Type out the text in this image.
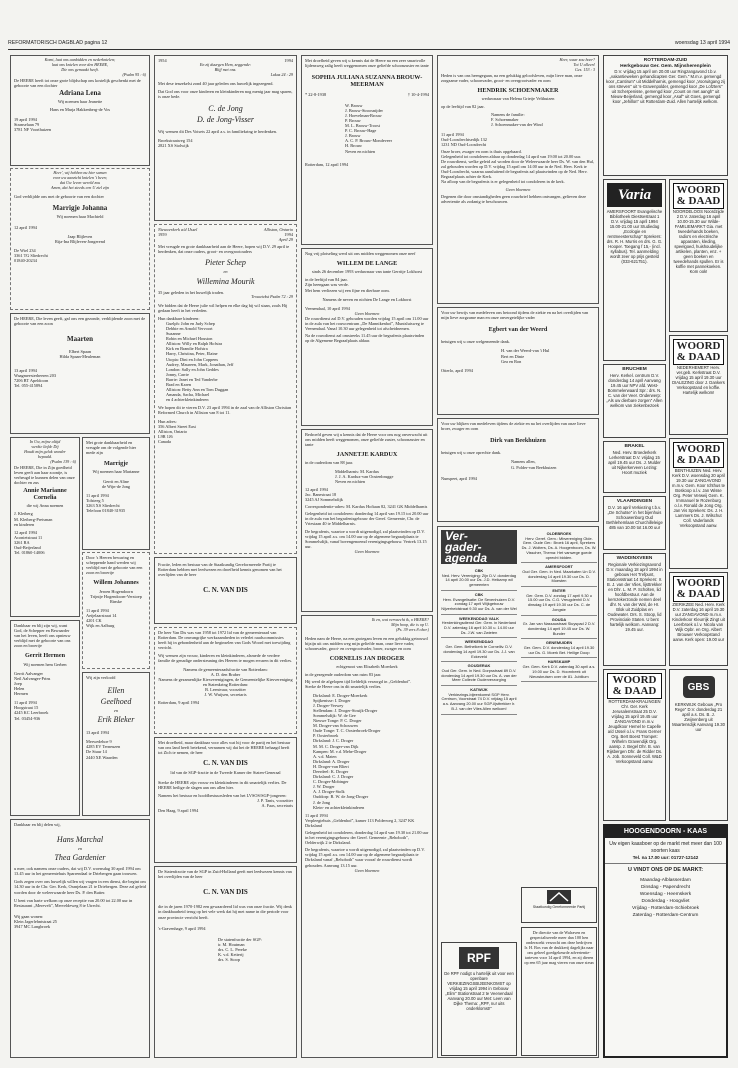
REFORMATORISCH DAGBLAD pagina 12	woensdag 13 april 1994
Komt, laat ons aanbidden en nederknielen;
laat ons knielen voor den HEERE,
Die ons gemaakt heeft.
(Psalm 95 : 6)
De HEERE heeft tot onze grote blijdschap ons kostelijk geschenkt met de geboorte van een dochter
Adriana Lena
Wij noemen haar Jeanette
Hans en Marja Hakkenberg-de Vos
19 april 1994
Stranselaan 79
3781 NF Voorthuizen
Heer', wij hebben nu hier samen
voor uw aanzicht knielen 't been;
dat Uw leven wereld zou
Amen, dat het steeds een U ziel zijn
God verblijdde ons met de geboorte van een dochter
Marrigje Johanna
Wij noemen haar Machteld
12 april 1994
Jaap Blijleven
Rija-Ina Blijleven-Jongerend
De Wiel 234
3361 TG Sliedrecht
01840-20234
De HEERE, Die leven geeft, gaf ons een gezonde, verblijdende zoon met de geboorte van een zoon
Maarten
Elbert Spaan
Hilda Spaan-Meuleman
13 april 1994
Waagmeesterheeren 203
7206 BT Apeldoorn
Tel. 055-415894
In Uw, mijne altijd
werkte liefde Dij
Houdt mijn geluk wonder
bepaald.
(Psalm 139 : 6)
De HEERE, Die in Zijn goedheid leven geeft aan haar zoontje, is verheugd te kunnen delen van onze dochter en zus
Annie Marianne Cornelia
die wij Anna noemen
J. Kleiberg
M. Kleiberg-Preisman
en kinderen
12 april 1994
Aconietstraat 11
3261 RA
Oud-Beijerland
Tel. 01860-14006
Met grote dankbaarheid en vreugde om de volgende hier mede zijn
Marrigje
Wij noemen haar Marianne
Gerrit en Aline
de Wijn-de Jong
11 april 1994
Tolsteeg 5
3263 XS Sliedrecht
Telefoon 01840-31935
Door 's Heeren bewaring en scheppende hand werden wij verblijd met de geboorte van een zoon en broertje
Willem Johannes
Jeroen Hogendoorn
Trijntje Hogendoorn-Verstoep
Rinske
11 april 1994
Aeijelaarstraat 14
4201 CK
Wijk en Aalburg
Dankbaar en blij zijn wij, want God, de Schepper en Bewaarder van het leven, heeft ons opnieuw verblijd met de geboorte van ons zoon en broertje
Gerrit Hermen
Wij noemen hem Gerben
Gerrit Aalvanger
Neil Aalvanger-Prins
Joep
Helen
Hermen
11 april 1994
Hoogstraat 15
4245 KC Leerbroek
Tel. 03454-936
Wij zijn verloofd
Ellen
Geelhoed
en
Erik Bleker
13 april 1994
Merwedehoe 9
4285 EV Terneuzen
De Stuur 14
2440 XE Waarden
Dankbaar en blij delen wij,
Hans Marchal
en
Thea Gardenier
u mee, ook namens onze ouders, dat wij D.V. woensdag 30 april 1994 om 13.45 uur in het gemeentehuis Sparrendaal te Driebergen gaan trouwen.
Gods zegen over ons huwelijk willen wij vragen in een dienst, die begint om 14.30 uur in de Chr. Ger. Kerk, Oranjelaan 21 te Driebergen. Deze zal geleid worden door de weleerwaarde heer Ds. P. den Butter.
U bent van harte welkom op onze receptie van 20.00 tot 22.00 uur in Restaurant „Merevelt", Merveldeweg 8 te Utrecht.
Wij gaan wonen:
Klein Jagerlehntstraat 25
3947 MC Langbroek
1954	1994
En zij duurgen Hem, zeggende:
Blijf met ons.
Lukas 24 : 29
Met dese tenzekelst zond 40 jaar geleden ons huwelijk ingezegend.
Dat God ons voor onze kinderen en kleinkinderen nog menig jaar mag sparen, is onze bede.
C. de Jong
D. de Jong-Visser
Wij wensen dit Des Voisets 22 april a.s. in familiekring te herdenken.
Broekstraatweg 154
2821 XS Stolwijk
Nieuwerkerk a/d IJssel	Alliston, Ontario
1959	1994
April 29
Met vreugde en grote dankbaarheid aan de Heere, hopen wij D.V. 29 april te herdenken, dat onze ouders, groot- en overgrootouders
Pieter Schep
en
Willemina Mourik
35 jaar geleden in het huwelijk traden.
Trouwtekst Psalm 72 : 29
We bidden dat de Heere julie wil helpen en elke dag bij wil staan, zoals Hij gedaan heeft in het verleden.
Hun dankbare kinderen:
Guelph: John en Judy Schep
Debbie en Arnold Vervoort
Suzanne
Robin en Michael Houston
Alliston: Willy en Ralph Hofstra
Kirk en Brandie Hofstra
Harry, Christina, Peter, Elaine
Utopia: Dini en John Coppens
Audrey, Maureen, Mark, Jonathan, Jeff
London: Sally en John Geddes
Jonny, Carrie
Barrie: Janet en Ted Vanderbe
Brad en Karen
Alliston: Betty Ann en Tom Duggan
Amanda, Sacha, Michael
en 4 achterkleinkinderen
We hopen dit te vieren D.V. 23 april 1994 in de zaal van de Alliston Christian Reformed Church in Alliston van 8 tot 11.
Hun adres:
356 Albert Street East
Alliston, Ontario
L9R 1J6
Canada
Fractie, leden en bestuur van de Staatkundig Gereformeerde Partij te Rotterdam hebben met leedwezen en droefheid kennis genomen van het overlijden van de heer
C. N. VAN DIS
De heer Van Dis was van 1958 tot 1972 lid van de gemeenteraad van Rotterdam. De omvangrijke werkzaamheden in velerlei raadscommissies heeft hij in gebondenheid aan de beginselen van Gods Woord met toewijding verricht.
Wij wensen zijn vrouw, kinderen en kleinkinderen, alsmede de verdere familie de genadige ondersteuning des Heeren te mogen ervaren in dit verlies.
Namens de gemeenteraadsfractie van Rotterdam:
A. D. den Braber
Namens de gezamenlijke Kiesverenigingen, de Gemeentelijke Kiesvereniging en Statenkring Rotterdam:
B. Leentvaar, voorzitter
J. W. Wuijsen, secretaris
Rotterdam, 9 april 1994
Met droefheid, maar dankbaar voor alles wat hij voor de partij en het bestuur van ons land heeft betekend, vernamen wij dat het de HEERE behaagd heeft tot Zich te nemen, de heer
C. N. VAN DIS
lid van de SGP-fractie in de Tweede Kamer der Staten-Generaal
Sterke de HEERE zijn vrouw en kleinkinderen in dit smartelijk verlies. De HEERE heilige de slagen aan ons allen hier.
Namens het bestuur en hoofdbestuursleden van het LVSOS/SGP-jongeren:
J. P. Tanis, voorzitter
A. Faas, secretaris
Den Haag, 9 april 1994
De Statenfractie van de SGP in Zuid-Holland geeft met leedwezen kennis van het overlijden van de heer
C. N. VAN DIS
die in de jaren 1970-1982 een gewaardeerd lid was van onze fractie. Wij denk in dankbaarheid terug op het vele werk dat hij met name in die periode voor onze provincie verricht heeft.
's-Gravenhage, 9 april 1994
De statenfractie der SGP:
ir. M. Houtman
drs. C. L. Pereke
K. v.d. Ketterij
drs. S. Stoop
Met droefheid geven wij u kennis dat de Heere na een zeer smartvolle lijdensweg zalig heeft weggenomen onze geliefde schoonzuster en tante
SOPHIA JULIANA SUZANNA BROUW-MEERMAN
* 22-8-1938	† 10-4-1994
W. Brouw
J. Brouw-Stroosnijder
J. Hoevelman-Brouw
P. Brouw
M. L. Brouw-Troost
P. C. Brouw-Hage
J. Brouw
A. C. P. Brouw-Mondeveer
H. Brouw
Neven en nichten
Rotterdam, 12 april 1994
Nog vrij plotseling werd uit ons midden weggenomen onze neef
WILLEM DE LANGE
sinds 26 december 1993 weduwnaar van tante Gerritje Lokhorst
in de leeftijd van 84 jaar.
Zijn heengaan was verde.
Met hem verliezen wij een fijne en dierbare oom.
Namens de neven en nichten De Lange en Lokhorst
Veenendaal, 10 april 1994
Geen bloemen
De rouwdienst zal D.V. gehouden worden vrijdag 15 april om 11.00 uur in de aula van het rouwcentrum „De Mannikenhof", Muntsluisweg te Veenendaal. Vanaf 10.30 uur gelegenheid tot afscheidnemen.
Na de rouwdienst zal omstreeks 11.45 uur de begrafenis plaatsvinden op de Algemene Begraafplaats aldaar.
Bedroefd geven wij u kennis dat de Heere voor ons nog onverwacht uit ons midden heeft weggenomen, onze geliefde zuster, schoonzuster en tante
JANNETJE KARDUX
in de ouderdom van 88 jaar.
Middelharnis: M. Kardux
J. J. A. Kardux-van Oostenbrugge
Neven en nichten
12 april 1994
Jac. Banestraat 18
3245 AJ Sommelsdijk
Correspondentie-adres: M. Kardux Hofiaan 82, 3241 GK Middelharnis
Gelegenheid tot condoleren: donderdag 14 april van 19.15 tot 20.00 uur in de aula van het begrafenisgebouw der Geref. Gemeente, Chr. de Vriesiaan 40 te Middelharnis.
De begrafenis, waartoe u wordt uitgenodigd, zal plaatsvinden op D.V. vrijdag 15 april a.s. om 14.00 uur op de algemene begraafplaats te Sommelsdijk, vanaf bovengenoemd verenigingsgebouw. Vertrek 13.15 uur.
Geen bloemen
Ik en, wat vervaecht ik, o HEERE?
Mijn hoop, die is op U.
(Ps. 39 vers 8 ober.)
Heden nam de Heere, na een grotegam leven en een gelukkig getrouwd bijzijn uit ons midden weg mijn geliefde man, onze lieve vader, schoonvader, groot- en overgrootvader, broer, zwager en oom
CORNELIS JAN DROGER
echtgenoot van Elisabeth Moerkerk
in de gezegende ouderdom van ruim 83 jaar.
Hij werd de afgelopen tijd liefdelijk verzorgd in „Geldenhof".
Sterke de Heere ons in dit smartelijk verlies.
Dirksland: E. Droger-Moerkerk
Spijkenisse: I. Droger
J. Droger-Verwey
Stellendam: J. Droger-Struijk-Droger
Sommelsdijk: W. de Gee
Nieuwe Tonge: P. C. Droger
M. Droger-van Schouwen
Oude Tonge: T. C. Oosterbroek-Droger
P. Oosterbroek
Dirksland: J. C. Droger
M. M. C. Droger-van Dijk
Kampen: M. v.d. Mehe-Droger
A. v.d. Maten
Dirksland: A. Droger
H. Droger-van Bliert
Deerdeel: K. Droger
Dirksland: C. J. Droger
C. Droger-Mobinger
J. W. Droger
A. J. Droger-Stolk
Ouddorp: B. W. de Jong-Droger
J. de Jong
Klein- en achterkleinkinderen
11 april 1994
Verpleegtehuis „Geldenhof", kamer 113 Polderweg 2, 3247 KK Dirksland
Gelegenheid tot condoleren, donderdag 14 april van 19.30 tot 21.00 uur in het verenigingsgebouw der Geref. Gemeente „Rehoboth", Oelderwijk 2 te Dirksland.
De begrafenis, waartoe u wordt uitgenodigd, zal plaatsvinden op D.V. vrijdag 15 april a.s. om 14.00 uur op de algemene begraafplaats te Dirksland vanaf „Rehoboth" waar vooraf de rouwdienst wordt gehouden. Aanvang 13.15 uur.
Geen bloemen
Heer, waar zou hoer?
Tot U alleen!
Ges. 153 : 3
Heden is van ons heengegaan, na een gelukkig geloofsleven, mijn lieve man, onze zorgzame vader, schoonvader, groot- en overgrootvader en oom
HENDRIK SCHOENMAKER
weduwnaar van Helena Grietje Velthuizen
op de leeftijd van 82 jaar.
Namens de familie:
F. Schoenmaker
J. Schoenmaker-van der Wind
11 april 1994
Oud-Loosdrechtsedijk 132
1231 ND Oud-Loosdrecht
Onze broer, zwager en oom is thuis opgebaard.
Gelegenheid tot condoleren aldaar op donderdag 14 april van 19.00 tot 20.00 uur.
De rouwdienst, welke geleid zal worden door de Weleerwaarde heer Ds. W. van den Hul, zal gehouden worden op D.V. vrijdag 15 april om 14.00 uur in de Ned. Herv. Kerk te Oud-Loosdrecht, waarna aansluitend de begrafenis zal plaatsvinden op de Ned. Herv. Begraafplaats achter de Kerk.
Na afloop van de begrafenis is er gelegenheid tot condoleren in de kerk.
Geen bloemen
Degenen die door omstandigheden geen rouwbrief hebben ontvangen, gelieven deze advertentie als zodanig te beschouwen.
Voor uw bewijs van medeleven ons betoond tijdens de ziekte en na het overlijden van mijn lieve zorgzame man en onze onvergetelijke vader
Egbert van der Weerd
betuigen wij u onze welgemeende dank.
H. van der Weerd-van 't Hul
Bert en Dinie
Gea en Ron
Otterlo, april 1994
Voor uw blijken van medeleven tijdens de ziekte en na het overlijden van onze lieve broer, zwager en oom
Dirk van Beekhuizen
betuigen wij u onze oprechte dank.
Namens allen,
G. Polder-van Beekhuizen
Nunspeet, april 1994
Ver-
gader-
agenda
CBK
Ned. Herv. Vereniging: Zijn D.V. donderdag 14 april 20.00 uur Ds. J.D. Heikamp wil gemeenten
CBK
Herv. Evangelisatie: De Sevenhuizen D.V. zondag 17 april Wijkgebouw Nijverheidstraat 9.30 uur Ds. A. van der Wel
WEEKENDDAG VALK
Herdenkingsdienst Ger. Gem. in Nederland D.V. zaterdag 16 april 10.30 u. 14.00 uur Ds. J.W. van Zwieten
WEEKENDDAG
Ger. Gem. Bethelkerk te Cornelliv. D.V. donderdag 14 april 19.30 uur Ds. J.J. van Eckeveld
GOUDERAK
Oud Ger. Gem. in Ned. Dorpsstraat 89 D.V. donderdag 14 april 19.30 uur Ds. A. van der Meer Collecte Ouderverzorging
KATWIJK
Verkiezings-bijeenkomst SGP Herv. Centrum, Voorstraat 74 D.V. vrijdag 15 april a.s. Aanvang 20.00 uur SGP-lijsttrekker Ir. B.J. van der Vlies Allen welkom!
OLDEBROEK
Herv. Geref. Gem.: Mbvereniging Olde. Gem. Oude Ger.: Broek 16 april, Sprekers Ds. J. Wolters, Ds. A. Hoogenboom, Ds. W. Visscher, Thema: Het vanwege goede oprecht bidden.
AMERSFOORT
Oud Ger. Gem. in Ned. Maarkaten Un D.V. donderdag 14 april 19.30 uur Ds. D. Moesten
ENTER
Ger. Gem. D.V. zondag 17 april 9.30 u 15.00 uur Ds. C.G. Vreugdenhil D.V. dinsdag 19 april 19.30 uur Ds. C. de Jongste
GOUDA
Gr. Jan van Nassaustraat Sluyspad 2 D.V. donderdag 14 april 19.45 uur Ds. W. Bunder
GENEMUIDEN
Ger. Gem. D.V. donderdag 14 april 19.30 uur Ds. G. Moerk Bet. Heilige Doop
HARSKAMP
Ger. Gem. Kerk D.V. zaterdag 30 april a.s. 19.00 uur Ds. D. Hoornbeek uit Nieuwkruisen over de 81. Jubilium
RPF
De RPF nodigt u hartelijk uit voor een openbare VERKIEZINGSBIJEENKOMST op vrijdag 15 april 1994 in Gebouw „Elim" Stationstraat 2 te Veenendaal Aanvang 20.00 uur Met: Leen van Dijke Thema: „RPF, nu! uits onderklomst!"
Staatkundig Gereformeerde Partij
De directie van de Walraven en gespecialiseerde meer dan 100 hen onderzoekt verzocht om deze bedrijven Ir. H. Bos van de drukkerij dagelijks naar ons geheel goedgekeurde advertentie-tarieven voor 14 april 1994, en zij dieren op een 65 jaar mag vieren van onze steun
ROTTERDAM-ZUID
Herkgebouw Ger. Gem. Mijnsherenplein
D.V. vrijdag 15 april om 20.00 uur Ringzangavond t.b.v. „vakantieweken gehandicapten Ger. Gem." M.m.v. gemengd koor „Cantirum" uit Middelharnis, gemengd koor „Vooruitgang zij ons streven" uit 's-Gravenpolder, gemengd koor „De Lofzters" uit Scherpenisse, gemengd koor „Count on met aangh" uit Nieuw-Beijerland, gemengd koor „Asaf" uit Goes, gemengd koor „Jehillon" uit Rotterdam-Zuid. Allen hartelijk welkom.
Varia
AMERSFOORT Evangelische Bibliotheek Diestsestraat 1 D.V. vrijdag 15 april 1994 15.00-21.00 uur Studiedag „Ecologie en rentmeesterschap" Sprekers: drs. R. H. Murris en drs. G. G. Hooper. Toegang f 15,- (incl. syllabus). Tel. aanmelding wordt zeer op prijs gesteld (033-621751).
BRUCHEM
Herv. Kerkel. centrum D.V. donderdag 14 april Aanvang 19.45 uur NPV afd. West-Bommelerwaard Spr.: drs. N. C. van der Veer. Onderwerp: „Als uw dierbare zorgen" Allen welkom van ziekenbezoek
BRAKEL
Ned. Herv. Broederkerk Lerkerstraat D.V. vrijdag 15 april 19.45 uur Ds. J. Mulder uit Nijkerkerveen Lezing: Hoort muziek
VLAARDINGEN
D.V. 16 april Verkiezing t.b.v. „De Schutse" in het bijenhuis Schouwenburg Oud Bethlehemlaan Churchilleleige 485 van 10.00 tot 16.00 uur
WADDINXVEEN
Regionale Verkiezingsavond D.V. maandag 18 april 1994 in gebouw Het Trefpunt, Stationsstraat 14 Sprekers: Ir. B. J. van der Vlies, lijsttrekker en Dhr. L. M. P. Scholten, lid hoofdbestuur. Aan de kernzekerzonde nemen deel dhr. N. van der Wal, de Hr. Blok uit Zuidplas en Oudewater. Drs. S. Stoop, lid Provinciale Staten. U bent hartelijk welkom. Aanvang: 19.45 uur.
WOORD & DAAD
NOORDELOOS Noordzijde 2 D.V. zaterdag 16 april 10.00-15.30 uur Wilde-FAMILIEMARKT Gia. met tweedehands boeken, radio's en electrische apparaten, kleding, speelgoed, huishoudelijke artikelen, planten, enz. + geen boeken en tweedehands spullen. Er is koffie met pannekoeken. Kom ook!
WOORD & DAAD
NEDERHEMERT Herv. ver.geb. Kerkstraat D.V. vrijdag 15 april 19.30 uur DIALEZING door J. Dankers Verkoopstand en koffie. Hartelijk welkom!
WOORD & DAAD
BENTHUIZEN Ned. Herv. Kerk D.V. woensdag 20 april 19.30 uur ZANGAVOND m.m.v. Gem. Koor Ichthus te Boskoop o.l.v. Jan Wisse Org. Peter Verweij Gem. K. Immanuel te Rozenburg o.l.v. Ronald de Jong Org. Jan Vis Sprekers: Ds. J. H. Lammers Ds. J. Wilschut Coll. Vaderlands Verkoopstand aanw.
WOORD & DAAD
ZIERIKZEE Ned. Herv. Kerk D.V. zaterdag 16 april 19.30 uur ZANGAVOND m.m.v. Kinderkoor Kleurrijk Zingt uit Leerbroek o.l.v. Nicola van Wijk Opbr. en Org. Albert Brouwer Verkoopstand aanw. Kerk open: 19.00 uur
WOORD & DAAD
ROTTERDAM-KRALINGEN Chr. Ger. Kerk Jerusalemstraat 25 D.V. vrijdag 15 april 19.45 uur ZANGAVOND m.m.v. Jeugdkoor Hemel te Capelle a/d IJssel o.l.v. Frans Gerner Org. Bert Boest Trompet: Wilhelm Gravendijk Org. aansp. z. Begel Dhr. B. van Rijsbergen Dhr. de Ridder Ds. A. Job. Sonneveld Coll. W&D Verkoopstand aanw.
GBS
KERKWIJK Gebouw „Pro Rege" D.V. donderdag 21 april a.s. Ds. B. J. Zwijnenberg uit Maartensdijk Aanvang 19.30 uur
HOOGENDOORN - KAAS
Uw eigen kaasboer op de markt met meer dan 100 soorten kaas
Tel. na 17.00 uur: 01727-12142
U VINDT ONS OP DE MARKT:
Maandag-Alblasserdam
Dinsdag - Papendrecht
Woensdag - Heemskerk
Donderdag - Hoogvliet
Vrijdag - Rotterdam-Schiebroek
Zaterdag - Rotterdam-Centrum
